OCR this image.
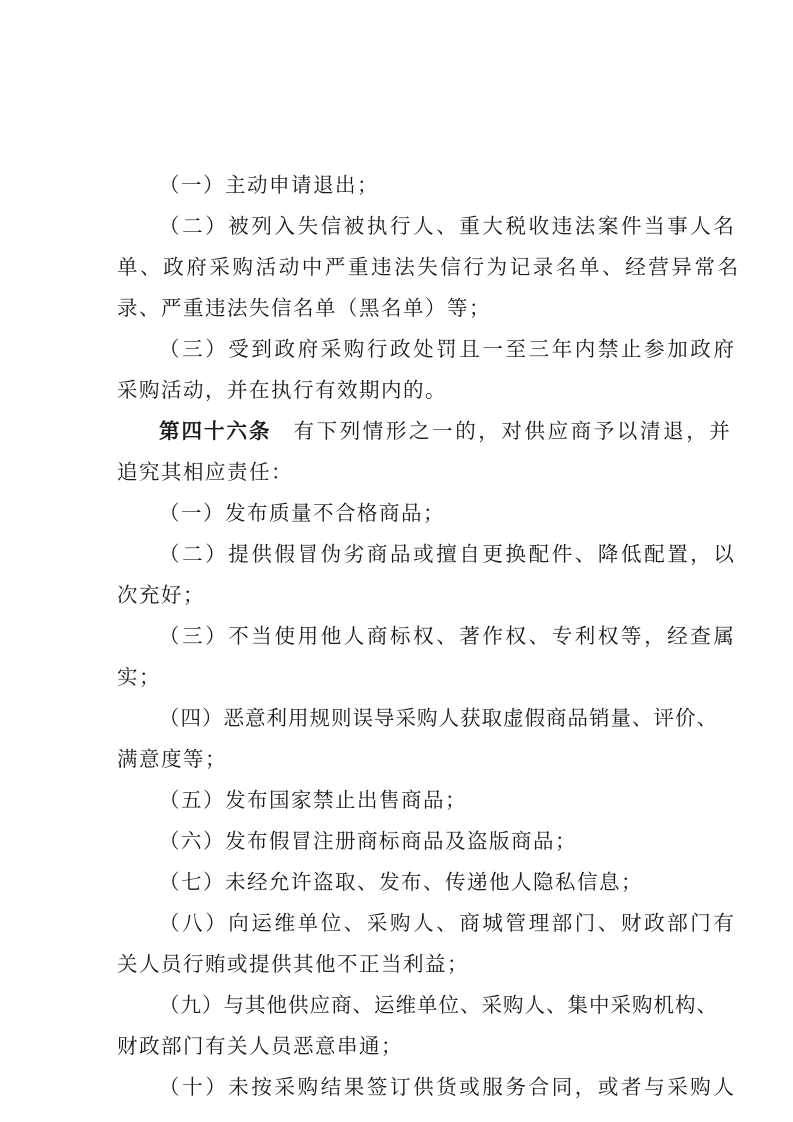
（一）主动申请退出；
（二）被列入失信被执行人、重大税收违法案件当事人名
单、政府采购活动中严重违法失信行为记录名单、经营异常名
录、严重违法失信名单（黑名单）等；
（三）受到政府采购行政处罚且一至三年内禁止参加政府
采购活动，并在执行有效期内的。
第四十六条 有下列情形之一的，对供应商予以清退，并
追究其相应责任：
（一）发布质量不合格商品；
（二）提供假冒伪劣商品或擅自更换配件、降低配置，以
次充好；
（三）不当使用他人商标权、著作权、专利权等，经查属
实；
（四）恶意利用规则误导采购人获取虚假商品销量、评价、
满意度等；
（五）发布国家禁止出售商品；
（六）发布假冒注册商标商品及盗版商品；
（七）未经允许盗取、发布、传递他人隐私信息；
（八）向运维单位、采购人、商城管理部门、财政部门有
关人员行贿或提供其他不正当利益；
（九）与其他供应商、运维单位、采购人、集中采购机构、
财政部门有关人员恶意串通；
（十）未按采购结果签订供货或服务合同，或者与采购人
